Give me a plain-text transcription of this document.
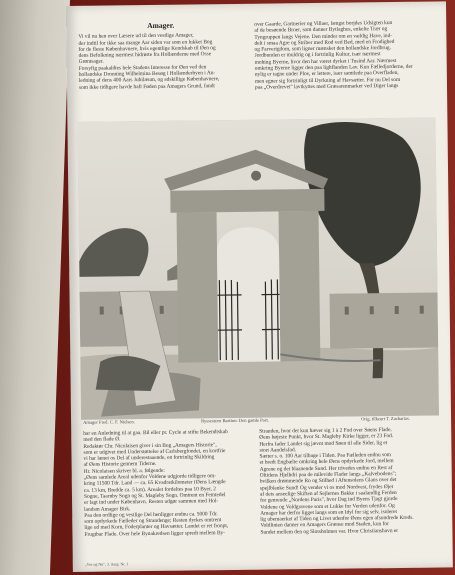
Amager.
Vi vil nu hen over Læsere ud til den vestlige Amager,
der indtil for ikke saa mange Aar siden var som en lukket Bog
for de fleste Københavnere, hvis egentlige Kendskab til Øen og
dens Befolkning nærmest hidrørte fra Hollænderne med Osse
Grøntsager.
Forsyfig paakaldtes hele Stadens Interesse for Øen ved den
hollandske Dronning Wilhelmina Besøg i Hollænderbyen i An-
ledning af dens 400 Aars Jubilæum, og adskillige Københavnere,
som ikke tidligere havde haft Føden paa Amagers Grund, fandt
over Gaarde, Gartnerier og Villaer, længst borjdes Udsigten kun
af de besøende Broer, som danner Bytlaghus, enkelte Trær og
Tyngruppen langs Vejene. Den minder om en vældig Have, ind-
delt i smaa Agre og Striber med Rod ved Bed, med en Frodighed
og Farverigdom, som ligner mænsket den hollandske Jordbrug.
Jordbunden er muldrig og i fortrinlig Kultur, især nærmest
mohing Byerne, hvor den har været dyrket i Tusind Aar. Nærmest
omkring Byerne ligger den paa lighflanden Lav. Kun Fælledjorderne, der
nylig er tagne under Plov, er lettere, især samtlede paa Overfladen,
men egner sig fortrinligt til Dyrkning af Havsætter. For nu Del som
paa „Overdrevet" lavtkyttes med Græsarenmarker ved Diger langs
Amager Fred. C. F. Nielsen.	Ryssesteen Bastion: Den gamle Port.	Orig. tilkeurt T. Zacharias.
har en Anledning til at gaa. Bil eller pr. Cycle at stifte Bekendtskab
med den flade Ø.
Redaktør Chr. Nicolaisen giver i sin Bog „Amagers Historie",
som er udgivet med Understøttelse af Carlsbergfondet, en kortfrie
vi har lænet os Del af underestaaende, en fortrinlig Skildring
af Øens Historie gennem Tiderne.
Hr. Nicolaisen skriver bl. a. følgende:
„Øens samlede Areal udenfor Voldene udgjorde tidligere om-
kring 11500 Tdr. Land — ca. 65 Kvadratkilometer (Øens Længde
ca. 13 km, Bredde ca. 5 km). Arealet fordeltes paa 10 Byer, 2
Sogne, Taarnby Sogn og St. Magleby Sogn. Omtrent en Femtedel
er lagt ind under København. Resten udgør sammen med Hol-
landsm Amager Birk.
Paa den ordlige og vestlige Del henligger endnu ca. 5000 Tdr.
som opdyrkede Fælleder og Strandenge; Resten dyrkes omtrent
lige ud med Korn, Foderplanter og Havsætter. Landet er ret fronpt,
Frugtbar Flade. Over hele Bynakredsen ligger spredt mellem By-
Stranden, hvor det kun hæver sig 1 à 2 Fod over Søens Flade.
Øens højeste Punkt, hvor St. Magleby Kirke ligger, er 23 Fod.
Herfra fader Landet sig jævnt mod Søen til alle Sider, lig et
stort Aandelsfad.
Sætter s. o. 100 Aar tilbage i Tiden. Paa Fælleden endnu som
et bredt Engbælte omkring hele Øens opdyrkede Jord, mellem
Agrene og det blaanende Sund. Her trivedes endnu en Rest af
Oltidens Hjelhdri paa de milevide Flader langs „Kalvebodens";
bvilken drømmende Ro og Stilhed i Aftensolens Glans over det
spejlblanke Sund! Og vender vi os mod Nordvest, frydes Øjet
af dets anseelige Skiften af Sejlernes Bakke i saalandlig Ferden
for genreude „Nordens Paris", hvor Dag ind Byens Tjagt gjorde
Voldene og Voldgravene som et Lukke for Verden udenfor. Og
Amager har derfor ligget langs som en Idyl for sig selv, isoleret
lig ubemaerket af Tiden og Livet udenfor Øens egen afsondrede Kreds.
Voldlinien danner en Amagers Grænse mod Staden, kun for
Sundet mellem den og Slotsholmen var. Hvor Christianshavn er
„Vor og Nu", 3. Aarg. Nr. 1
